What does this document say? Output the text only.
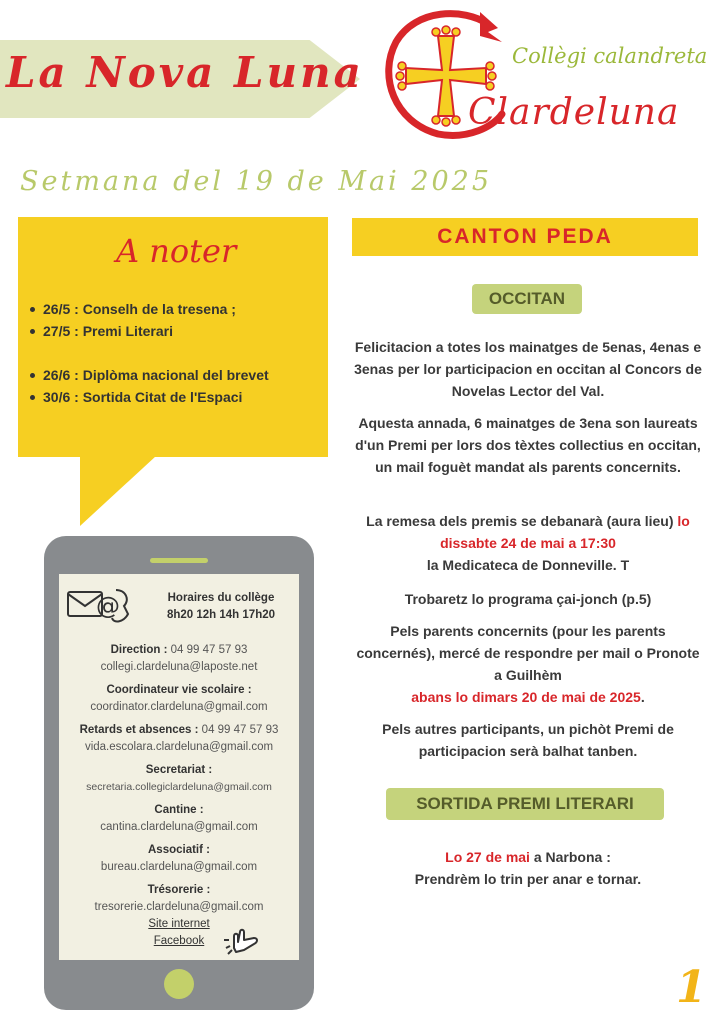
La Nova Luna	Collègi calandreta
Clardeluna
Setmana del 19 de Mai 2025
A noter
26/5 : Conselh de la tresena ;
27/5 : Premi Literari
26/6 : Diplòma nacional del brevet
30/6 : Sortida Citat de l'Espaci
@	Horaires du collège
8h20 12h 14h 17h20
Direction : 04 99 47 57 93
collegi.clardeluna@laposte.net
Coordinateur vie scolaire :
coordinator.clardeluna@gmail.com
Retards et absences : 04 99 47 57 93
vida.escolara.clardeluna@gmail.com
Secretariat :
secretaria.collegiclardeluna@gmail.com
Cantine :
cantina.clardeluna@gmail.com
Associatif :
bureau.clardeluna@gmail.com
Trésorerie :
tresorerie.clardeluna@gmail.com
Site internet
Facebook
CANTON PEDA
OCCITAN
Felicitacion a totes los mainatges de 5enas, 4enas e 3enas per lor participacion en occitan al Concors de Novelas Lector del Val.
Aquesta annada, 6 mainatges de 3ena son laureats d'un Premi per lors dos tèxtes collectius en occitan, un mail foguèt mandat als parents concernits.
La remesa dels premis se debanarà (aura lieu) lo dissabte 24 de mai a 17:30
la Medicateca de Donneville. T
Trobaretz lo programa çai-jonch (p.5)
Pels parents concernits (pour les parents concernés), mercé de respondre per mail o Pronote a Guilhèm
abans lo dimars 20 de mai de 2025.
Pels autres participants, un pichòt Premi de participacion serà balhat tanben.
SORTIDA PREMI LITERARI
Lo 27 de mai a Narbona :
Prendrèm lo trin per anar e tornar.
1
